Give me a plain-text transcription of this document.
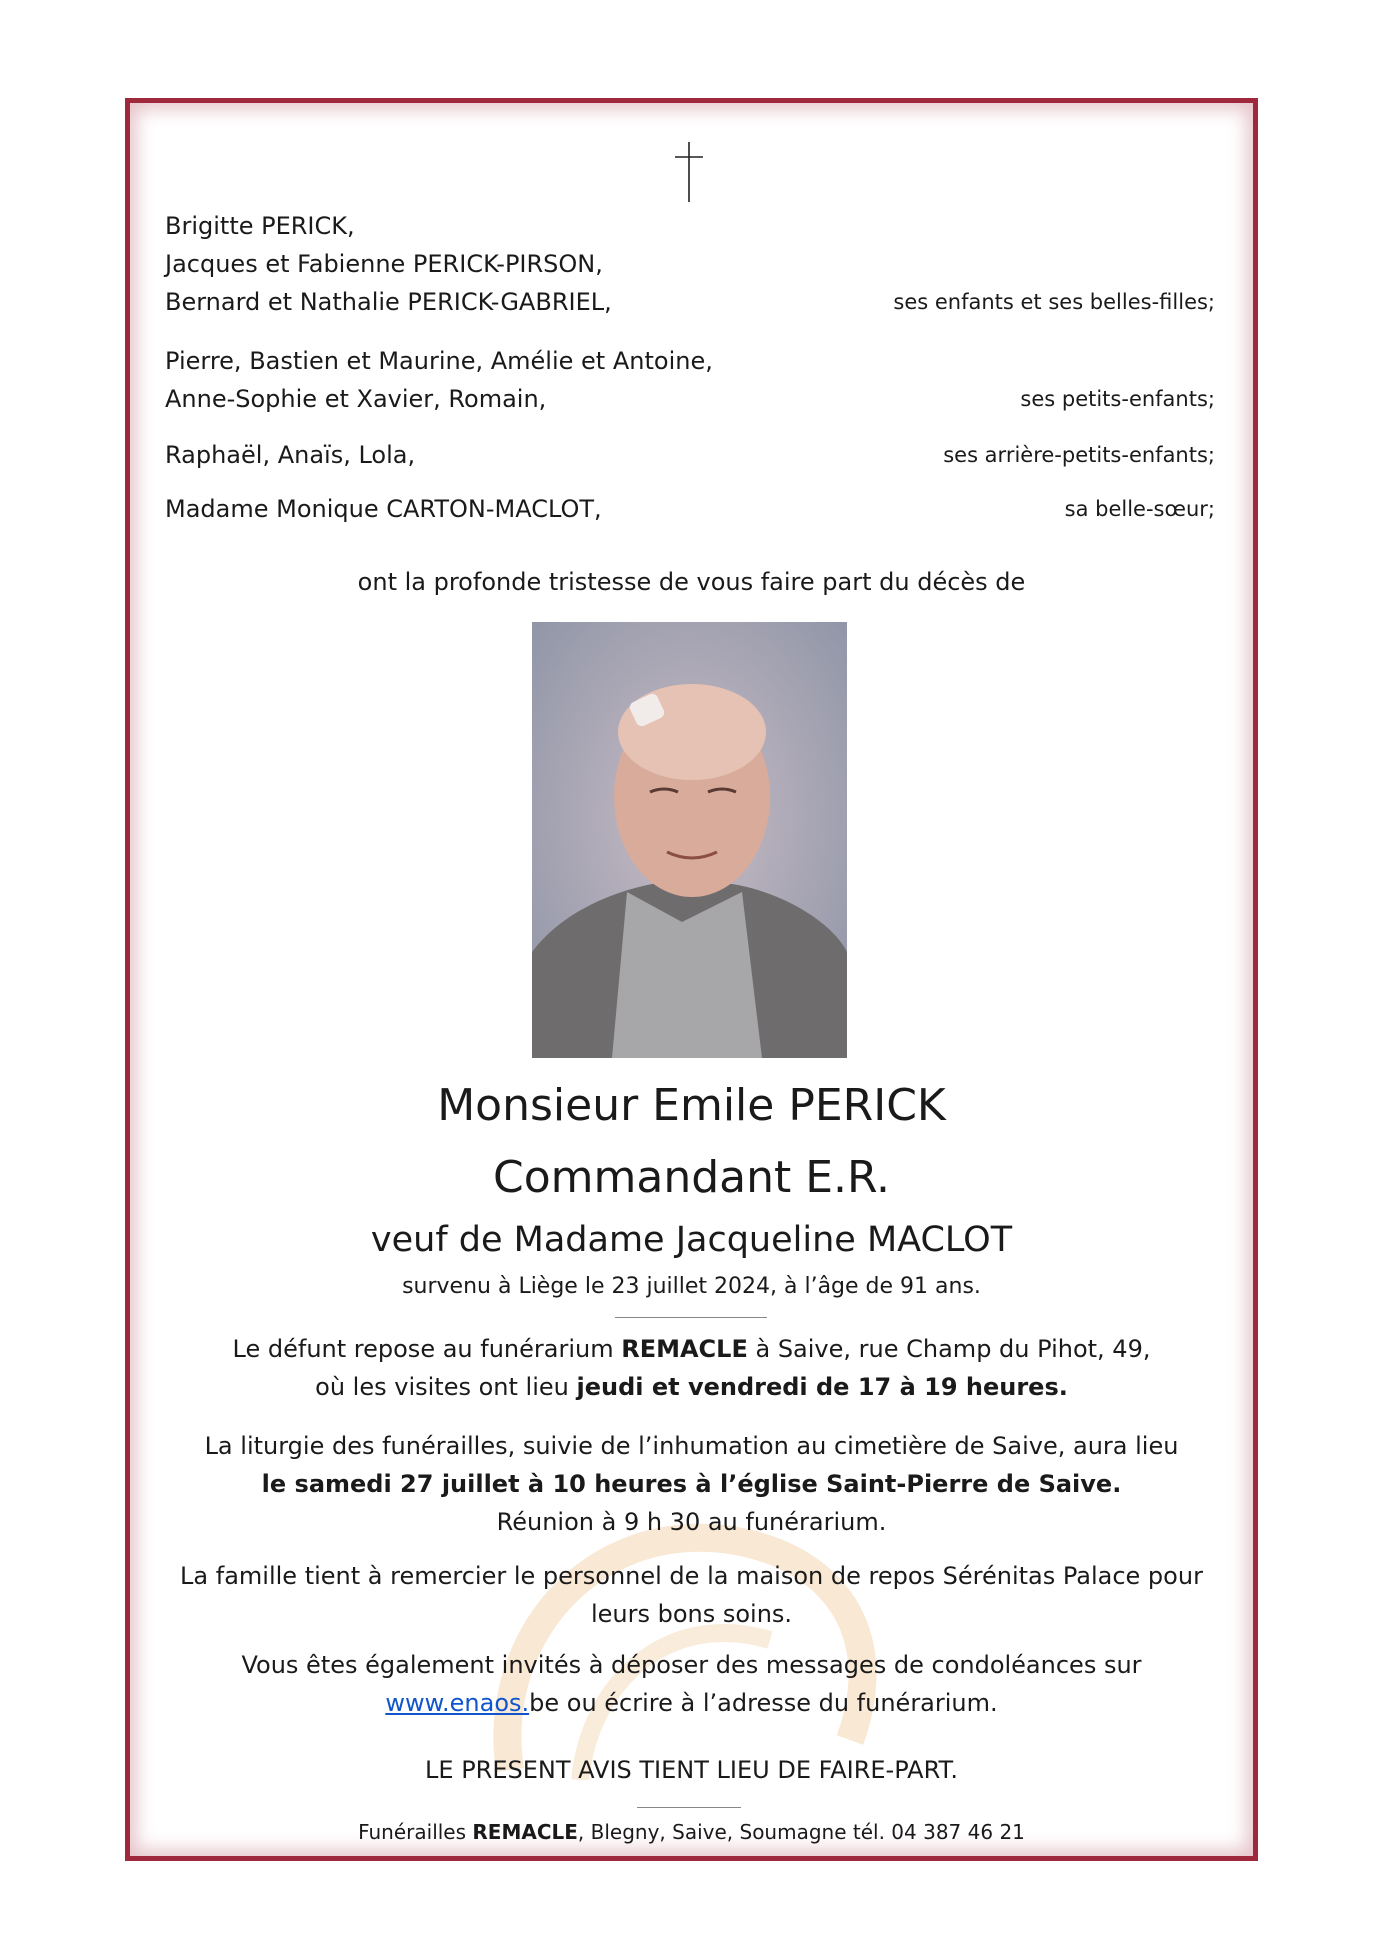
Brigitte PERICK,
Jacques et Fabienne PERICK-PIRSON,
Bernard et Nathalie PERICK-GABRIEL,	ses enfants et ses belles-filles;
Pierre, Bastien et Maurine, Amélie et Antoine,
Anne-Sophie et Xavier, Romain,	ses petits-enfants;
Raphaël, Anaïs, Lola,	ses arrière-petits-enfants;
Madame Monique CARTON-MACLOT,	sa belle-sœur;
ont la profonde tristesse de vous faire part du décès de
Monsieur Emile PERICK
Commandant E.R.
veuf de Madame Jacqueline MACLOT
survenu à Liège le 23 juillet 2024, à l’âge de 91 ans.
Le défunt repose au funérarium REMACLE à Saive, rue Champ du Pihot, 49,
où les visites ont lieu jeudi et vendredi de 17 à 19 heures.
La liturgie des funérailles, suivie de l’inhumation au cimetière de Saive, aura lieu
le samedi 27 juillet à 10 heures à l’église Saint-Pierre de Saive.
Réunion à 9 h 30 au funérarium.
La famille tient à remercier le personnel de la maison de repos Sérénitas Palace pour
leurs bons soins.
Vous êtes également invités à déposer des messages de condoléances sur
www.enaos.be ou écrire à l’adresse du funérarium.
LE PRESENT AVIS TIENT LIEU DE FAIRE-PART.
Funérailles REMACLE, Blegny, Saive, Soumagne tél. 04 387 46 21
